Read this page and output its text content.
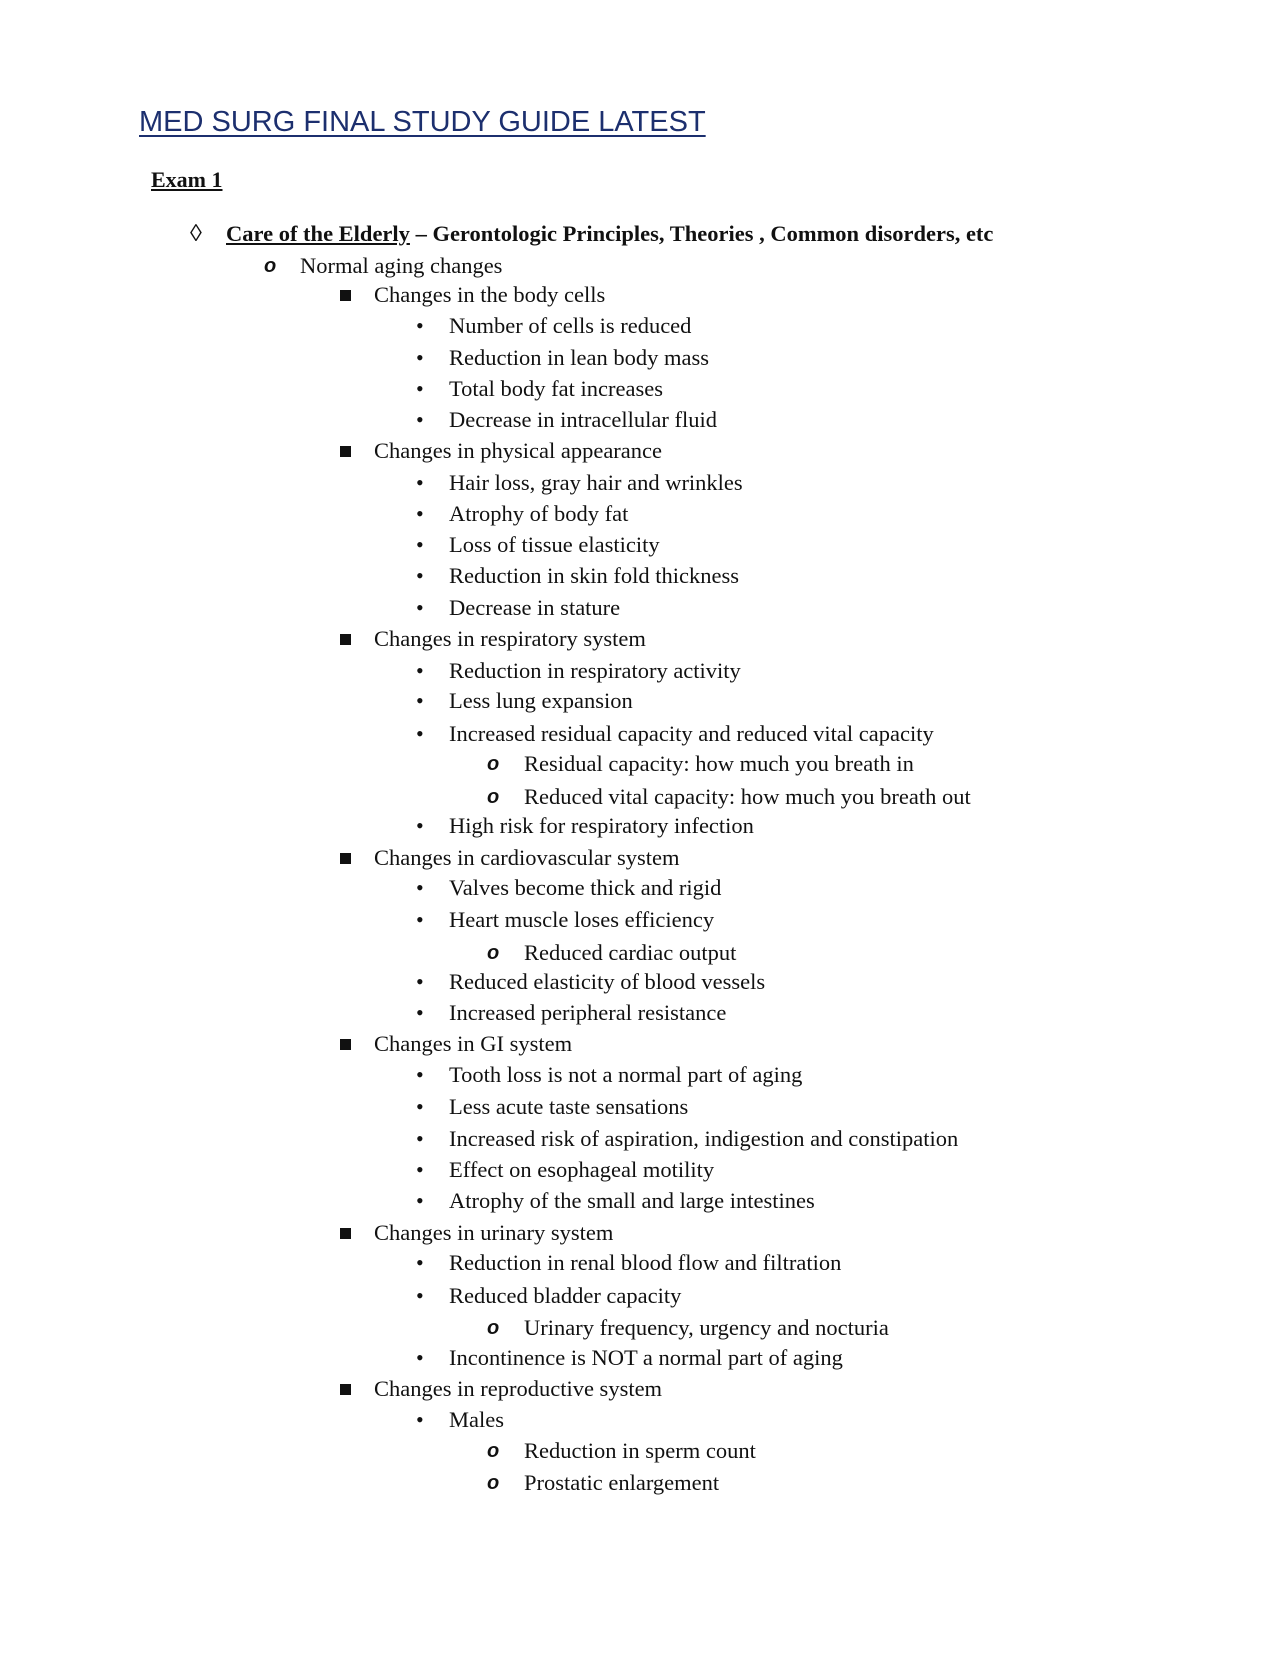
MED SURG FINAL STUDY GUIDE LATEST
Exam 1
◊ Care of the Elderly – Gerontologic Principles, Theories , Common disorders, etc
o Normal aging changes
Changes in the body cells
• Number of cells is reduced
• Reduction in lean body mass
• Total body fat increases
• Decrease in intracellular fluid
Changes in physical appearance
• Hair loss, gray hair and wrinkles
• Atrophy of body fat
• Loss of tissue elasticity
• Reduction in skin fold thickness
• Decrease in stature
Changes in respiratory system
• Reduction in respiratory activity
• Less lung expansion
• Increased residual capacity and reduced vital capacity
o Residual capacity: how much you breath in
o Reduced vital capacity: how much you breath out
• High risk for respiratory infection
Changes in cardiovascular system
• Valves become thick and rigid
• Heart muscle loses efficiency
o Reduced cardiac output
• Reduced elasticity of blood vessels
• Increased peripheral resistance
Changes in GI system
• Tooth loss is not a normal part of aging
• Less acute taste sensations
• Increased risk of aspiration, indigestion and constipation
• Effect on esophageal motility
• Atrophy of the small and large intestines
Changes in urinary system
• Reduction in renal blood flow and filtration
• Reduced bladder capacity
o Urinary frequency, urgency and nocturia
• Incontinence is NOT a normal part of aging
Changes in reproductive system
• Males
o Reduction in sperm count
o Prostatic enlargement
